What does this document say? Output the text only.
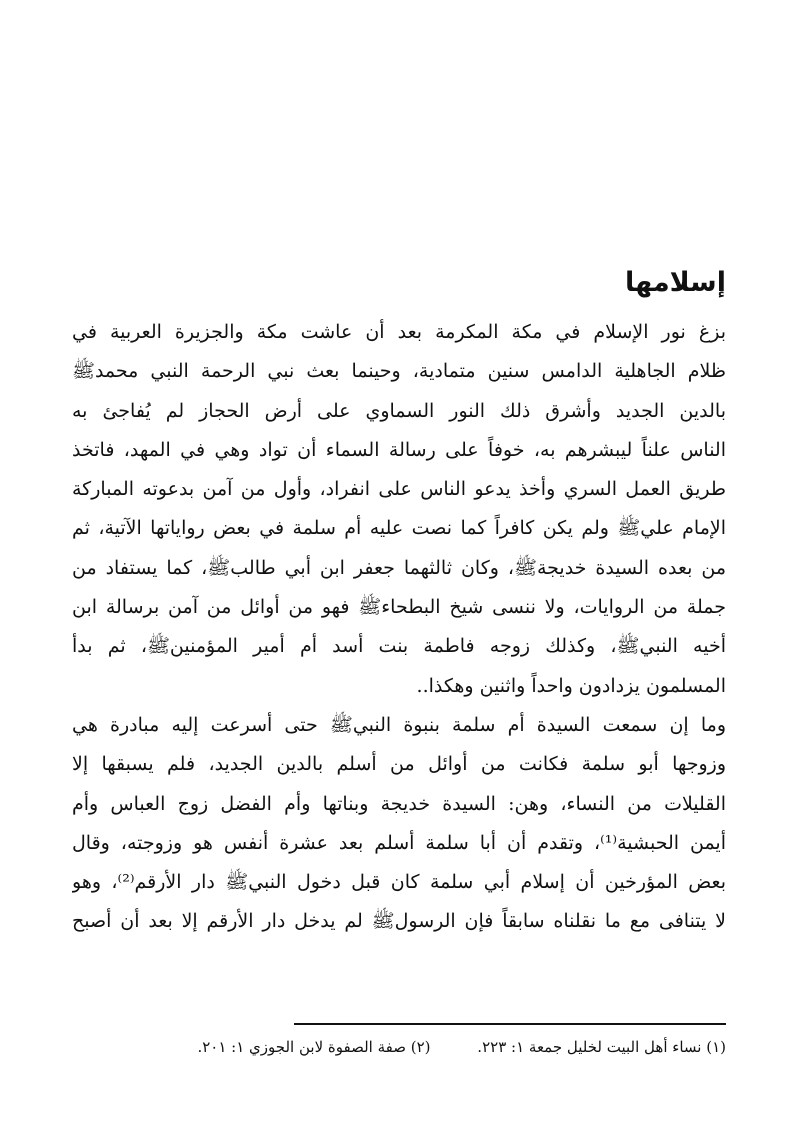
إسلامها
بزغ نور الإسلام في مكة المكرمة بعد أن عاشت مكة والجزيرة العربية في
ظلام الجاهلية الدامس سنين متمادية، وحينما بعث نبي الرحمة النبي محمدﷺ
بالدين الجديد وأشرق ذلك النور السماوي على أرض الحجاز لم يُفاجئ به
الناس علناً ليبشرهم به، خوفاً على رسالة السماء أن تواد وهي في المهد، فاتخذ
طريق العمل السري وأخذ يدعو الناس على انفراد، وأول من آمن بدعوته المباركة
الإمام عليﷺ ولم يكن كافراً كما نصت عليه أم سلمة في بعض رواياتها الآتية، ثم
من بعده السيدة خديجةﷺ، وكان ثالثهما جعفر ابن أبي طالبﷺ، كما يستفاد من
جملة من الروايات، ولا ننسى شيخ البطحاءﷺ فهو من أوائل من آمن برسالة ابن
أخيه النبيﷺ، وكذلك زوجه فاطمة بنت أسد أم أمير المؤمنينﷺ، ثم بدأ
المسلمون يزدادون واحداً واثنين وهكذا..
وما إن سمعت السيدة أم سلمة بنبوة النبيﷺ حتى أسرعت إليه مبادرة هي
وزوجها أبو سلمة فكانت من أوائل من أسلم بالدين الجديد، فلم يسبقها إلا
القليلات من النساء، وهن: السيدة خديجة وبناتها وأم الفضل زوج العباس وأم
أيمن الحبشية⁽¹⁾، وتقدم أن أبا سلمة أسلم بعد عشرة أنفس هو وزوجته، وقال
بعض المؤرخين أن إسلام أبي سلمة كان قبل دخول النبيﷺ دار الأرقم⁽²⁾، وهو
لا يتنافى مع ما نقلناه سابقاً فإن الرسولﷺ لم يدخل دار الأرقم إلا بعد أن أصبح
(١) نساء أهل البيت لخليل جمعة ١: ٢٢٣. (٢) صفة الصفوة لابن الجوزي ١: ٢٠١.
